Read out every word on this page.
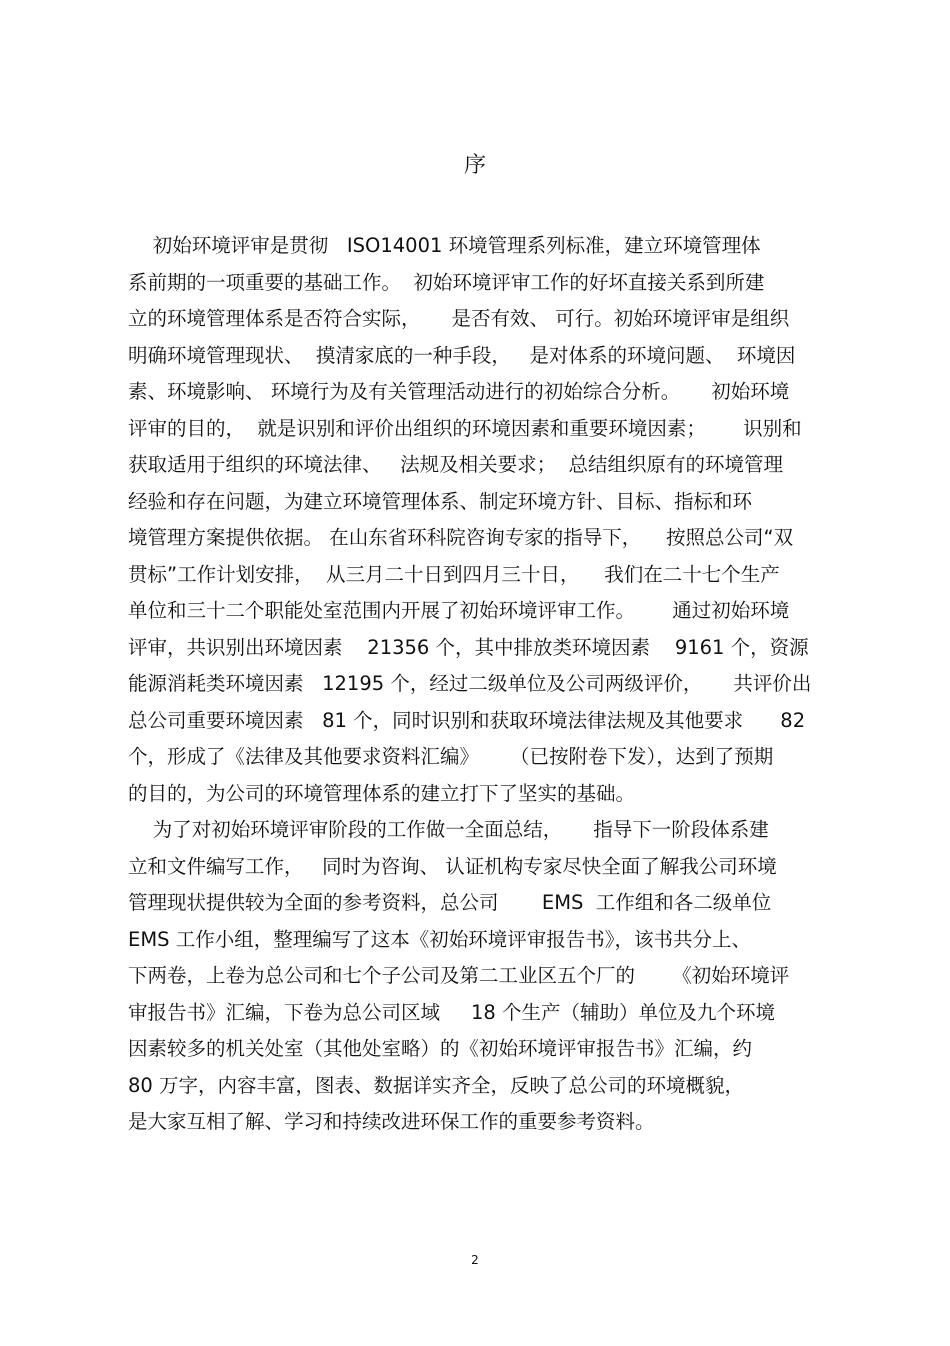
序
初始环境评审是贯彻   ISO14001 环境管理系列标准，建立环境管理体
系前期的一项重要的基础工作。  初始环境评审工作的好坏直接关系到所建
立的环境管理体系是否符合实际，     是否有效、 可行。初始环境评审是组织
明确环境管理现状、  摸清家底的一种手段，   是对体系的环境问题、  环境因
素、环境影响、 环境行为及有关管理活动进行的初始综合分析。     初始环境
评审的目的，  就是识别和评价出组织的环境因素和重要环境因素；      识别和
获取适用于组织的环境法律、   法规及相关要求；  总结组织原有的环境管理
经验和存在问题，为建立环境管理体系、制定环境方针、目标、指标和环
境管理方案提供依据。 在山东省环科院咨询专家的指导下，    按照总公司“双
贯标”工作计划安排，  从三月二十日到四月三十日，    我们在二十七个生产
单位和三十二个职能处室范围内开展了初始环境评审工作。      通过初始环境
评审，共识别出环境因素    21356 个，其中排放类环境因素    9161 个，资源
能源消耗类环境因素   12195 个，经过二级单位及公司两级评价，     共评价出
总公司重要环境因素   81 个，同时识别和获取环境法律法规及其他要求      82
个，形成了《法律及其他要求资料汇编》     （已按附卷下发），达到了预期
的目的，为公司的环境管理体系的建立打下了坚实的基础。
为了对初始环境评审阶段的工作做一全面总结，     指导下一阶段体系建
立和文件编写工作，   同时为咨询、 认证机构专家尽快全面了解我公司环境
管理现状提供较为全面的参考资料，总公司       EMS  工作组和各二级单位
EMS 工作小组，整理编写了这本《初始环境评审报告书》，该书共分上、
下两卷，上卷为总公司和七个子公司及第二工业区五个厂的      《初始环境评
审报告书》汇编，下卷为总公司区域     18 个生产（辅助）单位及九个环境
因素较多的机关处室（其他处室略）的《初始环境评审报告书》汇编，约
80 万字，内容丰富，图表、数据详实齐全，反映了总公司的环境概貌，
是大家互相了解、学习和持续改进环保工作的重要参考资料。
2
